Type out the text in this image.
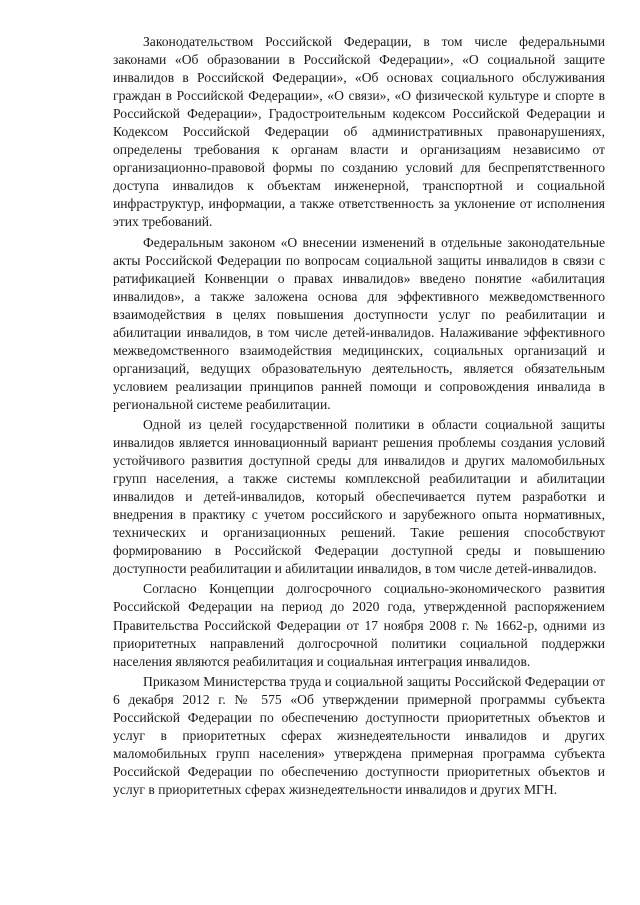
Законодательством Российской Федерации, в том числе федеральными законами «Об образовании в Российской Федерации», «О социальной защите инвалидов в Российской Федерации», «Об основах социального обслуживания граждан в Российской Федерации», «О связи», «О физической культуре и спорте в Российской Федерации», Градостроительным кодексом Российской Федерации и Кодексом Российской Федерации об административных правонарушениях, определены требования к органам власти и организациям независимо от организационно-правовой формы по созданию условий для беспрепятственного доступа инвалидов к объектам инженерной, транспортной и социальной инфраструктур, информации, а также ответственность за уклонение от исполнения этих требований.

Федеральным законом «О внесении изменений в отдельные законодательные акты Российской Федерации по вопросам социальной защиты инвалидов в связи с ратификацией Конвенции о правах инвалидов» введено понятие «абилитация инвалидов», а также заложена основа для эффективного межведомственного взаимодействия в целях повышения доступности услуг по реабилитации и абилитации инвалидов, в том числе детей-инвалидов. Налаживание эффективного межведомственного взаимодействия медицинских, социальных организаций и организаций, ведущих образовательную деятельность, является обязательным условием реализации принципов ранней помощи и сопровождения инвалида в региональной системе реабилитации.

Одной из целей государственной политики в области социальной защиты инвалидов является инновационный вариант решения проблемы создания условий устойчивого развития доступной среды для инвалидов и других маломобильных групп населения, а также системы комплексной реабилитации и абилитации инвалидов и детей-инвалидов, который обеспечивается путем разработки и внедрения в практику с учетом российского и зарубежного опыта нормативных, технических и организационных решений. Такие решения способствуют формированию в Российской Федерации доступной среды и повышению доступности реабилитации и абилитации инвалидов, в том числе детей-инвалидов.

Согласно Концепции долгосрочного социально-экономического развития Российской Федерации на период до 2020 года, утвержденной распоряжением Правительства Российской Федерации от 17 ноября 2008 г. № 1662-р, одними из приоритетных направлений долгосрочной политики социальной поддержки населения являются реабилитация и социальная интеграция инвалидов.

Приказом Министерства труда и социальной защиты Российской Федерации от 6 декабря 2012 г. № 575 «Об утверждении примерной программы субъекта Российской Федерации по обеспечению доступности приоритетных объектов и услуг в приоритетных сферах жизнедеятельности инвалидов и других маломобильных групп населения» утверждена примерная программа субъекта Российской Федерации по обеспечению доступности приоритетных объектов и услуг в приоритетных сферах жизнедеятельности инвалидов и других МГН.
